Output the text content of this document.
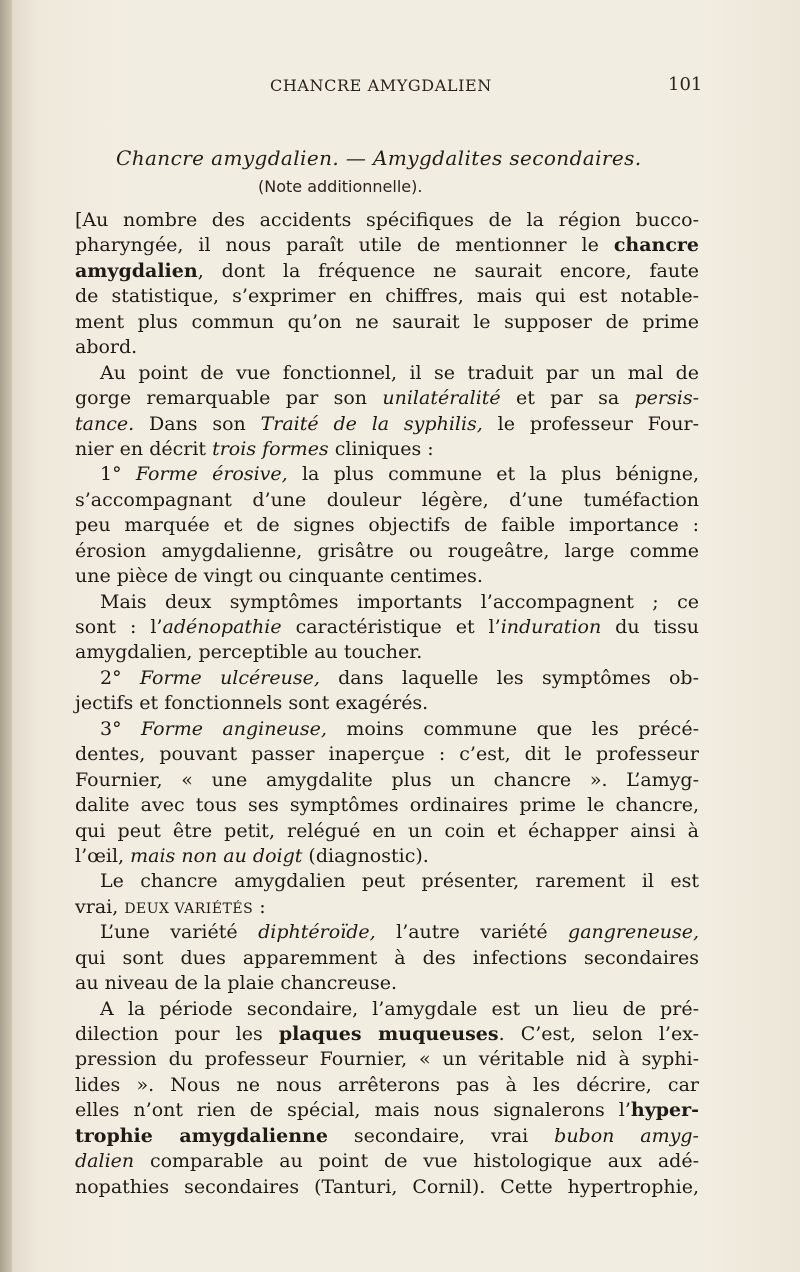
CHANCRE AMYGDALIEN	101
Chancre amygdalien. — Amygdalites secondaires.
(Note additionnelle).
[Au nombre des accidents spécifiques de la région bucco-
pharyngée, il nous paraît utile de mentionner le chancre
amygdalien, dont la fréquence ne saurait encore, faute
de statistique, s’exprimer en chiffres, mais qui est notable-
ment plus commun qu’on ne saurait le supposer de prime
abord.
Au point de vue fonctionnel, il se traduit par un mal de
gorge remarquable par son unilatéralité et par sa persis-
tance. Dans son Traité de la syphilis, le professeur Four-
nier en décrit trois formes cliniques :
1° Forme érosive, la plus commune et la plus bénigne,
s’accompagnant d’une douleur légère, d’une tuméfaction
peu marquée et de signes objectifs de faible importance :
érosion amygdalienne, grisâtre ou rougeâtre, large comme
une pièce de vingt ou cinquante centimes.
Mais deux symptômes importants l’accompagnent ; ce
sont : l’adénopathie caractéristique et l’induration du tissu
amygdalien, perceptible au toucher.
2° Forme ulcéreuse, dans laquelle les symptômes ob-
jectifs et fonctionnels sont exagérés.
3° Forme angineuse, moins commune que les précé-
dentes, pouvant passer inaperçue : c’est, dit le professeur
Fournier, « une amygdalite plus un chancre ». L’amyg-
dalite avec tous ses symptômes ordinaires prime le chancre,
qui peut être petit, relégué en un coin et échapper ainsi à
l’œil, mais non au doigt (diagnostic).
Le chancre amygdalien peut présenter, rarement il est
vrai, DEUX VARIÉTÉS :
L’une variété diphtéroïde, l’autre variété gangreneuse,
qui sont dues apparemment à des infections secondaires
au niveau de la plaie chancreuse.
A la période secondaire, l’amygdale est un lieu de pré-
dilection pour les plaques muqueuses. C’est, selon l’ex-
pression du professeur Fournier, « un véritable nid à syphi-
lides ». Nous ne nous arrêterons pas à les décrire, car
elles n’ont rien de spécial, mais nous signalerons l’hyper-
trophie amygdalienne secondaire, vrai bubon amyg-
dalien comparable au point de vue histologique aux adé-
nopathies secondaires (Tanturi, Cornil). Cette hypertrophie,
